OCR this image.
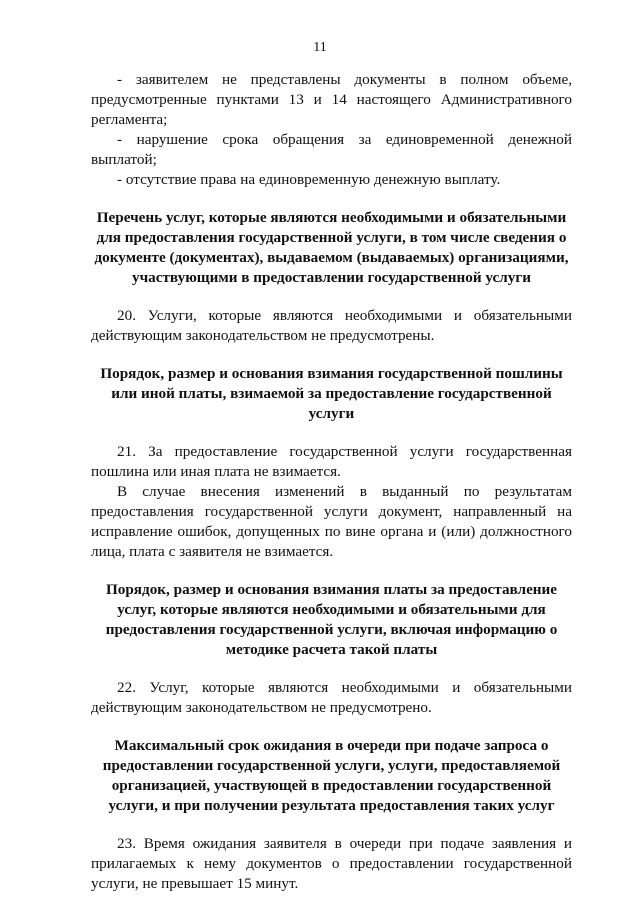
11

- заявителем не представлены документы в полном объеме, предусмотренные пунктами 13 и 14 настоящего Административного регламента;

- нарушение срока обращения за единовременной денежной выплатой;

- отсутствие права на единовременную денежную выплату.

Перечень услуг, которые являются необходимыми и обязательными для предоставления государственной услуги, в том числе сведения о документе (документах), выдаваемом (выдаваемых) организациями, участвующими в предоставлении государственной услуги

20. Услуги, которые являются необходимыми и обязательными действующим законодательством не предусмотрены.

Порядок, размер и основания взимания государственной пошлины или иной платы, взимаемой за предоставление государственной услуги

21. За предоставление государственной услуги государственная пошлина или иная плата не взимается.

В случае внесения изменений в выданный по результатам предоставления государственной услуги документ, направленный на исправление ошибок, допущенных по вине органа и (или) должностного лица, плата с заявителя не взимается.

Порядок, размер и основания взимания платы за предоставление услуг, которые являются необходимыми и обязательными для предоставления государственной услуги, включая информацию о методике расчета такой платы

22. Услуг, которые являются необходимыми и обязательными действующим законодательством не предусмотрено.

Максимальный срок ожидания в очереди при подаче запроса о предоставлении государственной услуги, услуги, предоставляемой организацией, участвующей в предоставлении государственной услуги, и при получении результата предоставления таких услуг

23. Время ожидания заявителя в очереди при подаче заявления и прилагаемых к нему документов о предоставлении государственной услуги, не превышает 15 минут.
